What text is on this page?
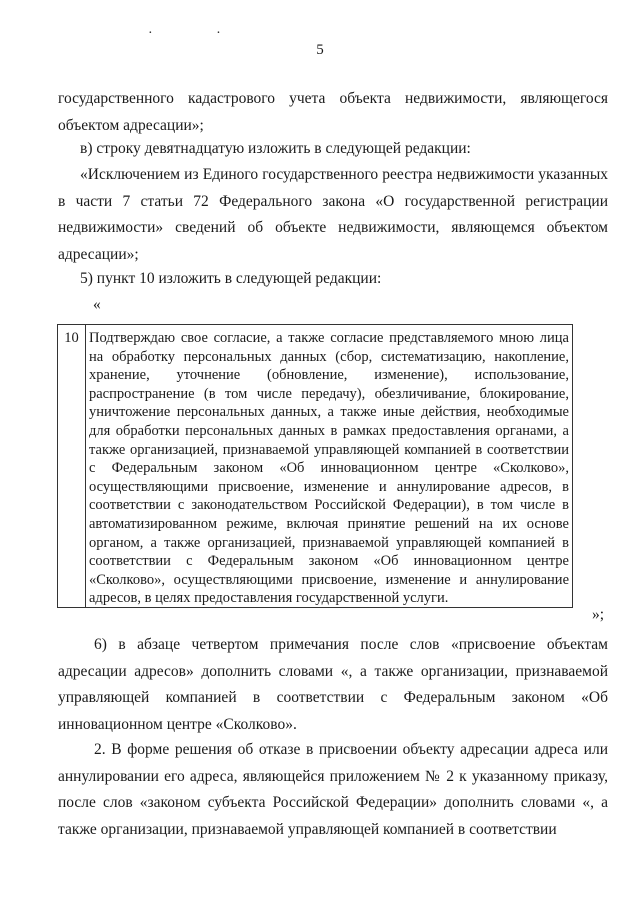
· ·
5
государственного кадастрового учета объекта недвижимости, являющегося объектом адресации»;
в) строку девятнадцатую изложить в следующей редакции:
«Исключением из Единого государственного реестра недвижимости указанных в части 7 статьи 72 Федерального закона «О государственной регистрации недвижимости» сведений об объекте недвижимости, являющемся объектом адресации»;
5) пункт 10 изложить в следующей редакции:
«
10 Подтверждаю свое согласие, а также согласие представляемого мною лица на обработку персональных данных (сбор, систематизацию, накопление, хранение, уточнение (обновление, изменение), использование, распространение (в том числе передачу), обезличивание, блокирование, уничтожение персональных данных, а также иные действия, необходимые для обработки персональных данных в рамках предоставления органами, а также организацией, признаваемой управляющей компанией в соответствии с Федеральным законом «Об инновационном центре «Сколково», осуществляющими присвоение, изменение и аннулирование адресов, в соответствии с законодательством Российской Федерации), в том числе в автоматизированном режиме, включая принятие решений на их основе органом, а также организацией, признаваемой управляющей компанией в соответствии с Федеральным законом «Об инновационном центре «Сколково», осуществляющими присвоение, изменение и аннулирование адресов, в целях предоставления государственной услуги.
»;
6) в абзаце четвертом примечания после слов «присвоение объектам адресации адресов» дополнить словами «, а также организации, признаваемой управляющей компанией в соответствии с Федеральным законом «Об инновационном центре «Сколково».
2. В форме решения об отказе в присвоении объекту адресации адреса или аннулировании его адреса, являющейся приложением № 2 к указанному приказу, после слов «законом субъекта Российской Федерации» дополнить словами «, а также организации, признаваемой управляющей компанией в соответствии
